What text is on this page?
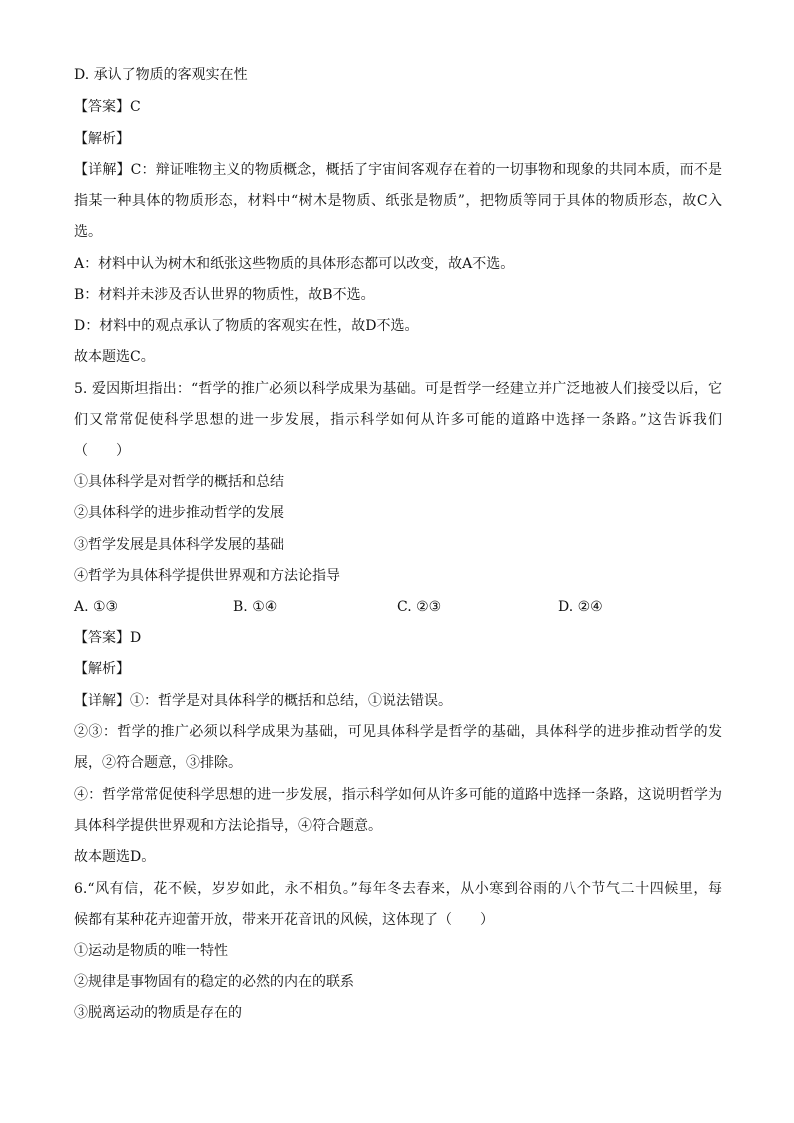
D. 承认了物质的客观实在性
【答案】C
【解析】
【详解】C：辩证唯物主义的物质概念，概括了宇宙间客观存在着的一切事物和现象的共同本质，而不是
指某一种具体的物质形态，材料中“树木是物质、纸张是物质”，把物质等同于具体的物质形态，故C入
选。
A：材料中认为树木和纸张这些物质的具体形态都可以改变，故A不选。
B：材料并未涉及否认世界的物质性，故B不选。
D：材料中的观点承认了物质的客观实在性，故D不选。
故本题选C。
5. 爱因斯坦指出：“哲学的推广必须以科学成果为基础。可是哲学一经建立并广泛地被人们接受以后，它
们又常常促使科学思想的进一步发展，指示科学如何从许多可能的道路中选择一条路。”这告诉我们
（　　）
①具体科学是对哲学的概括和总结
②具体科学的进步推动哲学的发展
③哲学发展是具体科学发展的基础
④哲学为具体科学提供世界观和方法论指导
A. ①③	B. ①④	C. ②③	D. ②④
【答案】D
【解析】
【详解】①：哲学是对具体科学的概括和总结，①说法错误。
②③：哲学的推广必须以科学成果为基础，可见具体科学是哲学的基础，具体科学的进步推动哲学的发
展，②符合题意，③排除。
④：哲学常常促使科学思想的进一步发展，指示科学如何从许多可能的道路中选择一条路，这说明哲学为
具体科学提供世界观和方法论指导，④符合题意。
故本题选D。
6.“风有信，花不候，岁岁如此，永不相负。”每年冬去春来，从小寒到谷雨的八个节气二十四候里，每
候都有某种花卉迎蕾开放，带来开花音讯的风候，这体现了（　　）
①运动是物质的唯一特性
②规律是事物固有的稳定的必然的内在的联系
③脱离运动的物质是存在的
